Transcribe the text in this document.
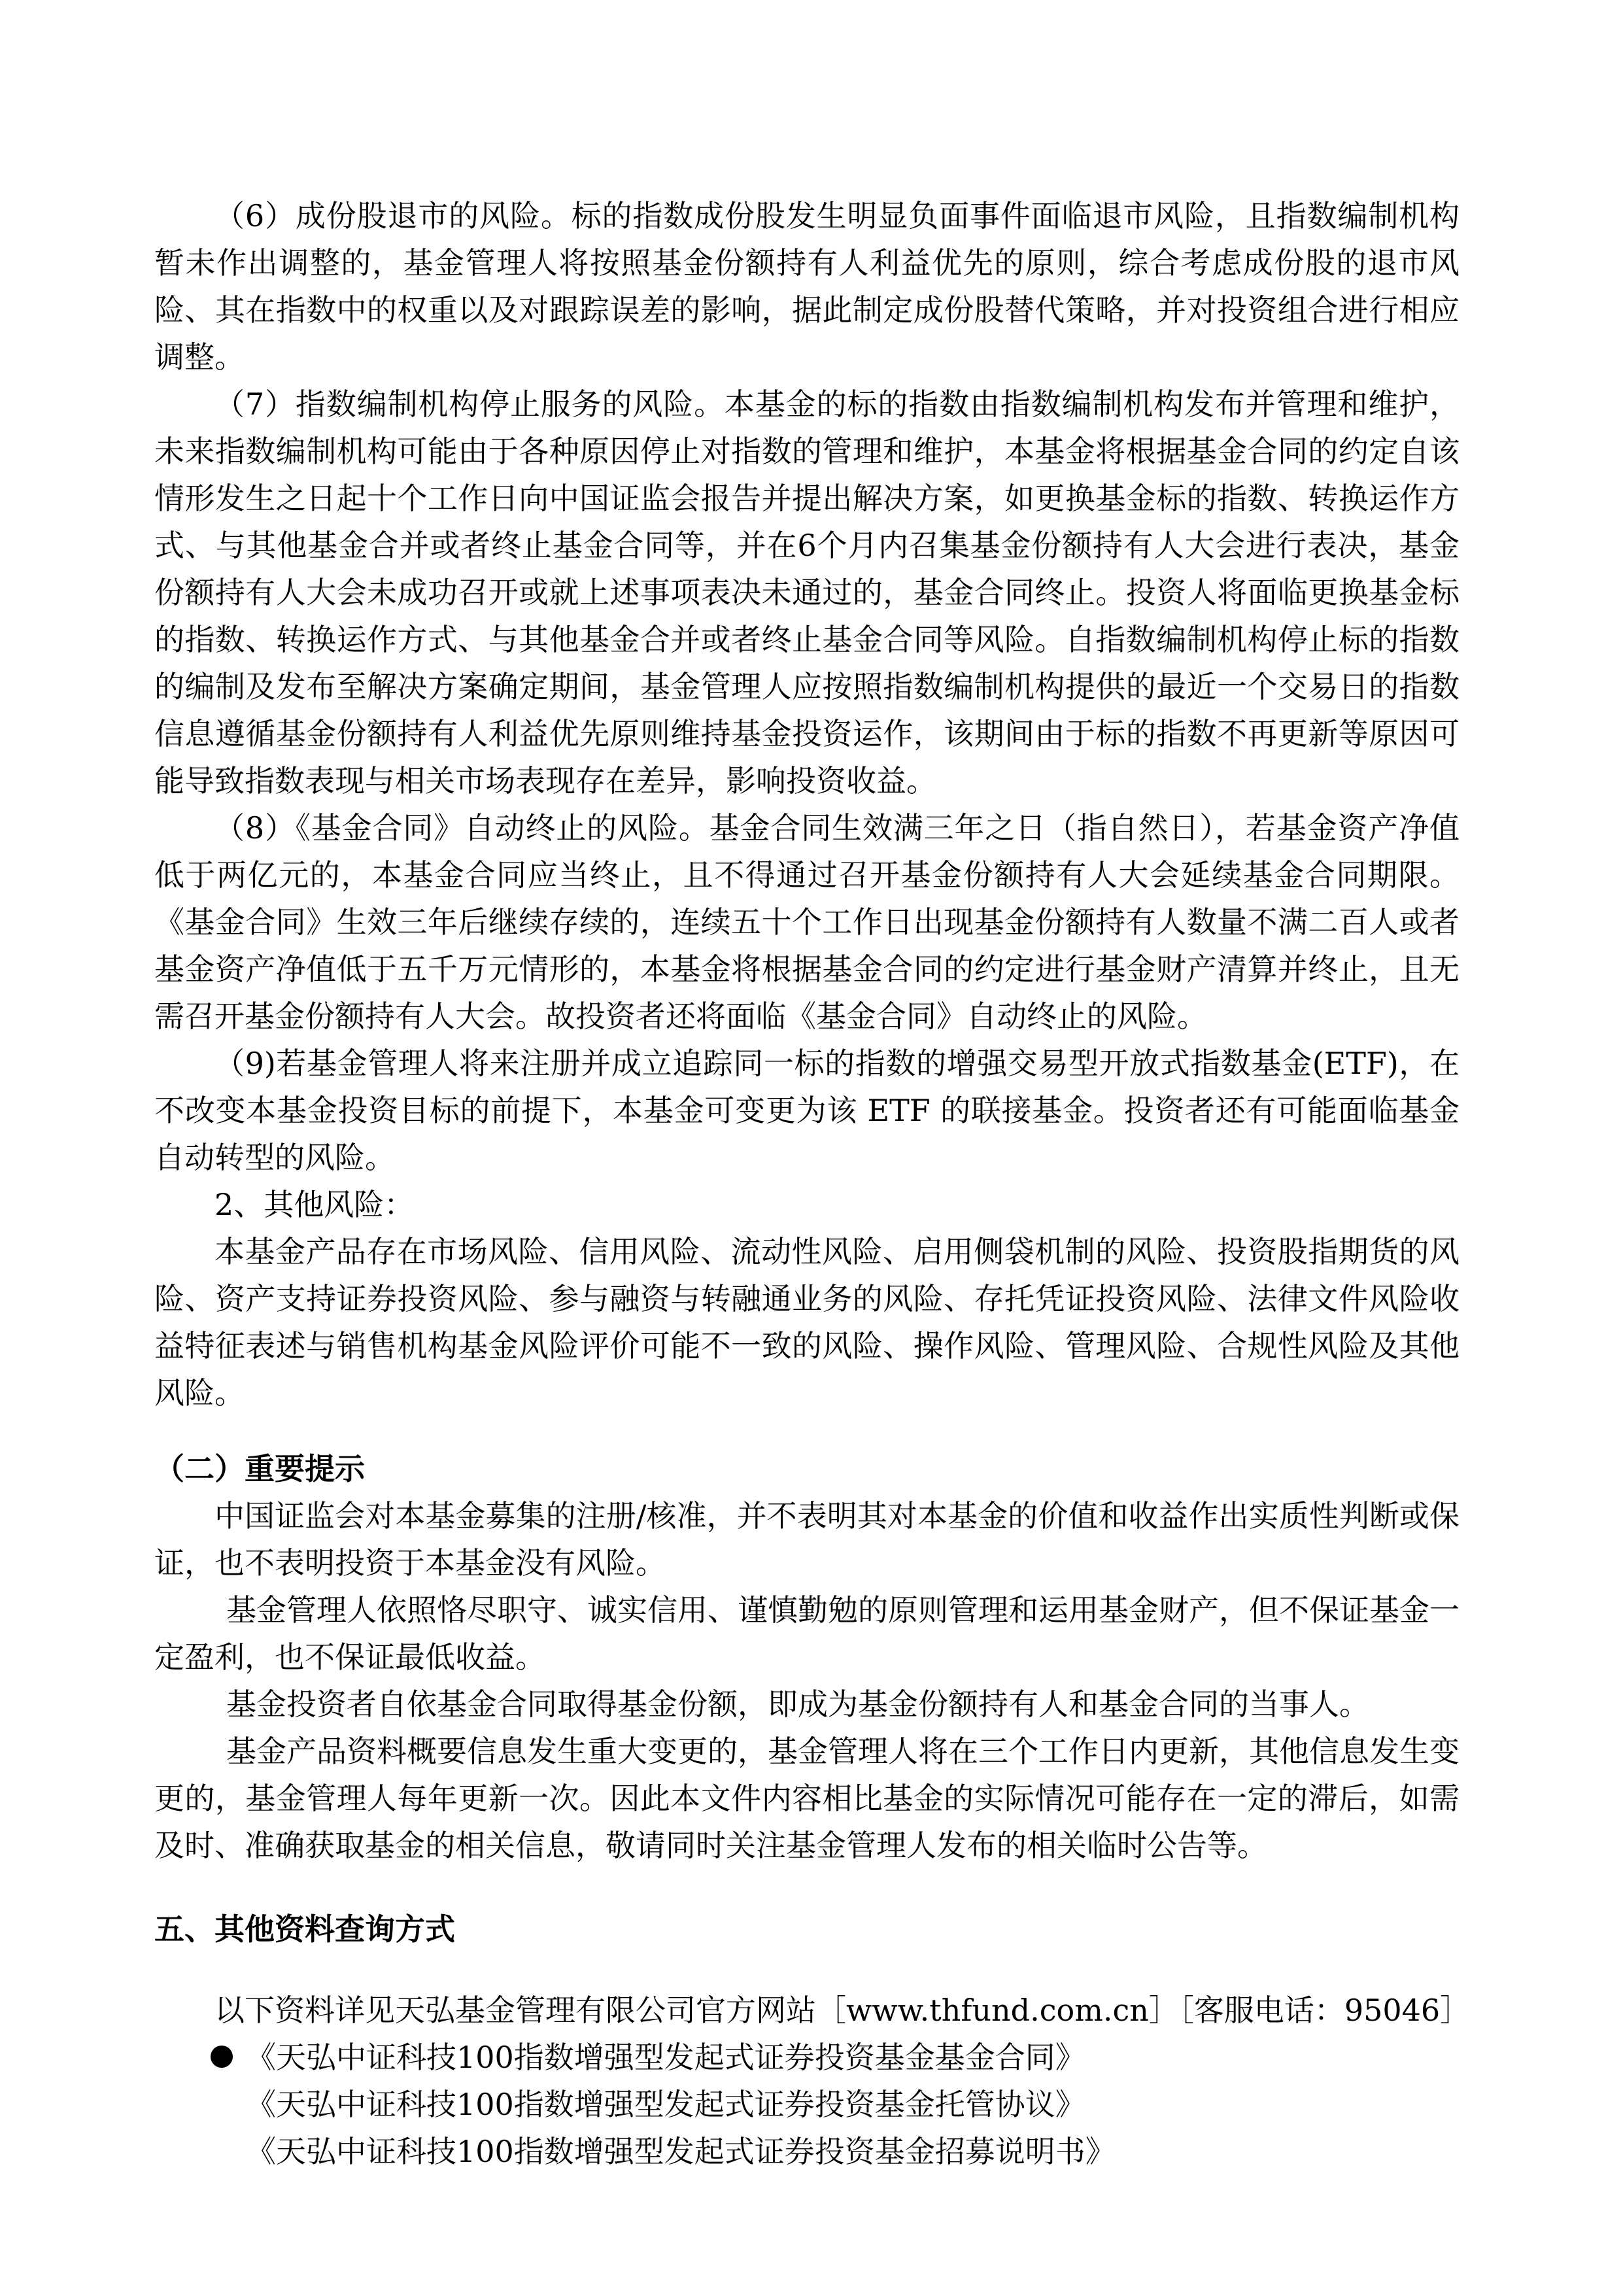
（6）成份股退市的风险。标的指数成份股发生明显负面事件面临退市风险，且指数编制机构暂未作出调整的，基金管理人将按照基金份额持有人利益优先的原则，综合考虑成份股的退市风险、其在指数中的权重以及对跟踪误差的影响，据此制定成份股替代策略，并对投资组合进行相应调整。

（7）指数编制机构停止服务的风险。本基金的标的指数由指数编制机构发布并管理和维护，未来指数编制机构可能由于各种原因停止对指数的管理和维护，本基金将根据基金合同的约定自该情形发生之日起十个工作日向中国证监会报告并提出解决方案，如更换基金标的指数、转换运作方式、与其他基金合并或者终止基金合同等，并在6个月内召集基金份额持有人大会进行表决，基金份额持有人大会未成功召开或就上述事项表决未通过的，基金合同终止。投资人将面临更换基金标的指数、转换运作方式、与其他基金合并或者终止基金合同等风险。自指数编制机构停止标的指数的编制及发布至解决方案确定期间，基金管理人应按照指数编制机构提供的最近一个交易日的指数信息遵循基金份额持有人利益优先原则维持基金投资运作，该期间由于标的指数不再更新等原因可能导致指数表现与相关市场表现存在差异，影响投资收益。

（8）《基金合同》自动终止的风险。基金合同生效满三年之日（指自然日），若基金资产净值低于两亿元的，本基金合同应当终止，且不得通过召开基金份额持有人大会延续基金合同期限。《基金合同》生效三年后继续存续的，连续五十个工作日出现基金份额持有人数量不满二百人或者基金资产净值低于五千万元情形的，本基金将根据基金合同的约定进行基金财产清算并终止，且无需召开基金份额持有人大会。故投资者还将面临《基金合同》自动终止的风险。

（9)若基金管理人将来注册并成立追踪同一标的指数的增强交易型开放式指数基金(ETF)，在不改变本基金投资目标的前提下，本基金可变更为该 ETF 的联接基金。投资者还有可能面临基金自动转型的风险。

2、其他风险：

本基金产品存在市场风险、信用风险、流动性风险、启用侧袋机制的风险、投资股指期货的风险、资产支持证券投资风险、参与融资与转融通业务的风险、存托凭证投资风险、法律文件风险收益特征表述与销售机构基金风险评价可能不一致的风险、操作风险、管理风险、合规性风险及其他风险。

（二）重要提示

中国证监会对本基金募集的注册/核准，并不表明其对本基金的价值和收益作出实质性判断或保证，也不表明投资于本基金没有风险。

基金管理人依照恪尽职守、诚实信用、谨慎勤勉的原则管理和运用基金财产，但不保证基金一定盈利，也不保证最低收益。

基金投资者自依基金合同取得基金份额，即成为基金份额持有人和基金合同的当事人。

基金产品资料概要信息发生重大变更的，基金管理人将在三个工作日内更新，其他信息发生变更的，基金管理人每年更新一次。因此本文件内容相比基金的实际情况可能存在一定的滞后，如需及时、准确获取基金的相关信息，敬请同时关注基金管理人发布的相关临时公告等。

五、其他资料查询方式

以下资料详见天弘基金管理有限公司官方网站［www.thfund.com.cn］［客服电话：95046］

《天弘中证科技100指数增强型发起式证券投资基金基金合同》

《天弘中证科技100指数增强型发起式证券投资基金托管协议》

《天弘中证科技100指数增强型发起式证券投资基金招募说明书》
